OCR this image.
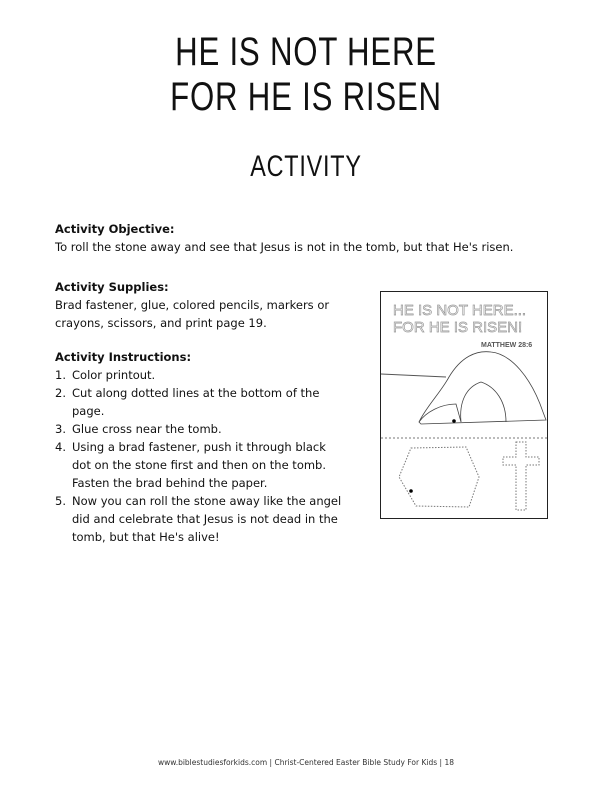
HE IS NOT HERE
FOR HE IS RISEN
ACTIVITY
Activity Objective:
To roll the stone away and see that Jesus is not in the tomb, but that He's risen.
Activity Supplies:
Brad fastener, glue, colored pencils, markers or
crayons, scissors, and print page 19.
Activity Instructions:
1. Color printout.
2. Cut along dotted lines at the bottom of the
page.
3. Glue cross near the tomb.
4. Using a brad fastener, push it through black
dot on the stone first and then on the tomb.
Fasten the brad behind the paper.
5. Now you can roll the stone away like the angel
did and celebrate that Jesus is not dead in the
tomb, but that He's alive!
HE IS NOT HERE...
FOR HE IS RISEN!
MATTHEW 28:6
www.biblestudiesforkids.com | Christ-Centered Easter Bible Study For Kids | 18
